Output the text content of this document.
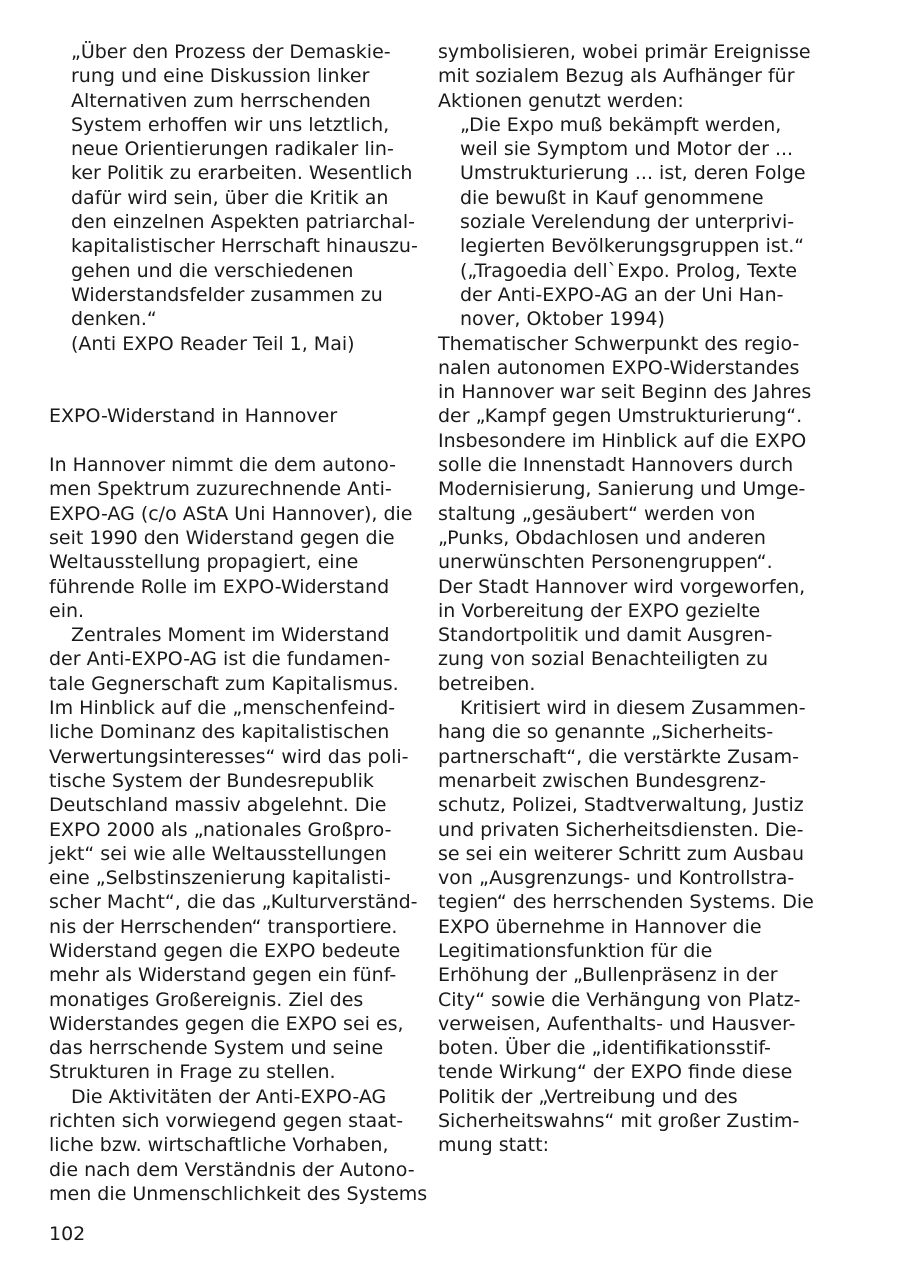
„Über den Prozess der Demaskie-
rung und eine Diskussion linker
Alternativen zum herrschenden
System erhoffen wir uns letztlich,
neue Orientierungen radikaler lin-
ker Politik zu erarbeiten. Wesentlich
dafür wird sein, über die Kritik an
den einzelnen Aspekten patriarchal-
kapitalistischer Herrschaft hinauszu-
gehen und die verschiedenen
Widerstandsfelder zusammen zu
denken.“
(Anti EXPO Reader Teil 1, Mai)
EXPO-Widerstand in Hannover
In Hannover nimmt die dem autono-
men Spektrum zuzurechnende Anti-
EXPO-AG (c/o AStA Uni Hannover), die
seit 1990 den Widerstand gegen die
Weltausstellung propagiert, eine
führende Rolle im EXPO-Widerstand
ein.
Zentrales Moment im Widerstand
der Anti-EXPO-AG ist die fundamen-
tale Gegnerschaft zum Kapitalismus.
Im Hinblick auf die „menschenfeind-
liche Dominanz des kapitalistischen
Verwertungsinteresses“ wird das poli-
tische System der Bundesrepublik
Deutschland massiv abgelehnt. Die
EXPO 2000 als „nationales Großpro-
jekt“ sei wie alle Weltausstellungen
eine „Selbstinszenierung kapitalisti-
scher Macht“, die das „Kulturverständ-
nis der Herrschenden“ transportiere.
Widerstand gegen die EXPO bedeute
mehr als Widerstand gegen ein fünf-
monatiges Großereignis. Ziel des
Widerstandes gegen die EXPO sei es,
das herrschende System und seine
Strukturen in Frage zu stellen.
Die Aktivitäten der Anti-EXPO-AG
richten sich vorwiegend gegen staat-
liche bzw. wirtschaftliche Vorhaben,
die nach dem Verständnis der Autono-
men die Unmenschlichkeit des Systems
symbolisieren, wobei primär Ereignisse
mit sozialem Bezug als Aufhänger für
Aktionen genutzt werden:
„Die Expo muß bekämpft werden,
weil sie Symptom und Motor der ...
Umstrukturierung ... ist, deren Folge
die bewußt in Kauf genommene
soziale Verelendung der unterprivi-
legierten Bevölkerungsgruppen ist.“
(„Tragoedia dell`Expo. Prolog, Texte
der Anti-EXPO-AG an der Uni Han-
nover, Oktober 1994)
Thematischer Schwerpunkt des regio-
nalen autonomen EXPO-Widerstandes
in Hannover war seit Beginn des Jahres
der „Kampf gegen Umstrukturierung“.
Insbesondere im Hinblick auf die EXPO
solle die Innenstadt Hannovers durch
Modernisierung, Sanierung und Umge-
staltung „gesäubert“ werden von
„Punks, Obdachlosen und anderen
unerwünschten Personengruppen“.
Der Stadt Hannover wird vorgeworfen,
in Vorbereitung der EXPO gezielte
Standortpolitik und damit Ausgren-
zung von sozial Benachteiligten zu
betreiben.
Kritisiert wird in diesem Zusammen-
hang die so genannte „Sicherheits-
partnerschaft“, die verstärkte Zusam-
menarbeit zwischen Bundesgrenz-
schutz, Polizei, Stadtverwaltung, Justiz
und privaten Sicherheitsdiensten. Die-
se sei ein weiterer Schritt zum Ausbau
von „Ausgrenzungs- und Kontrollstra-
tegien“ des herrschenden Systems. Die
EXPO übernehme in Hannover die
Legitimationsfunktion für die
Erhöhung der „Bullenpräsenz in der
City“ sowie die Verhängung von Platz-
verweisen, Aufenthalts- und Hausver-
boten. Über die „identifikationsstif-
tende Wirkung“ der EXPO finde diese
Politik der „Vertreibung und des
Sicherheitswahns“ mit großer Zustim-
mung statt:
102
